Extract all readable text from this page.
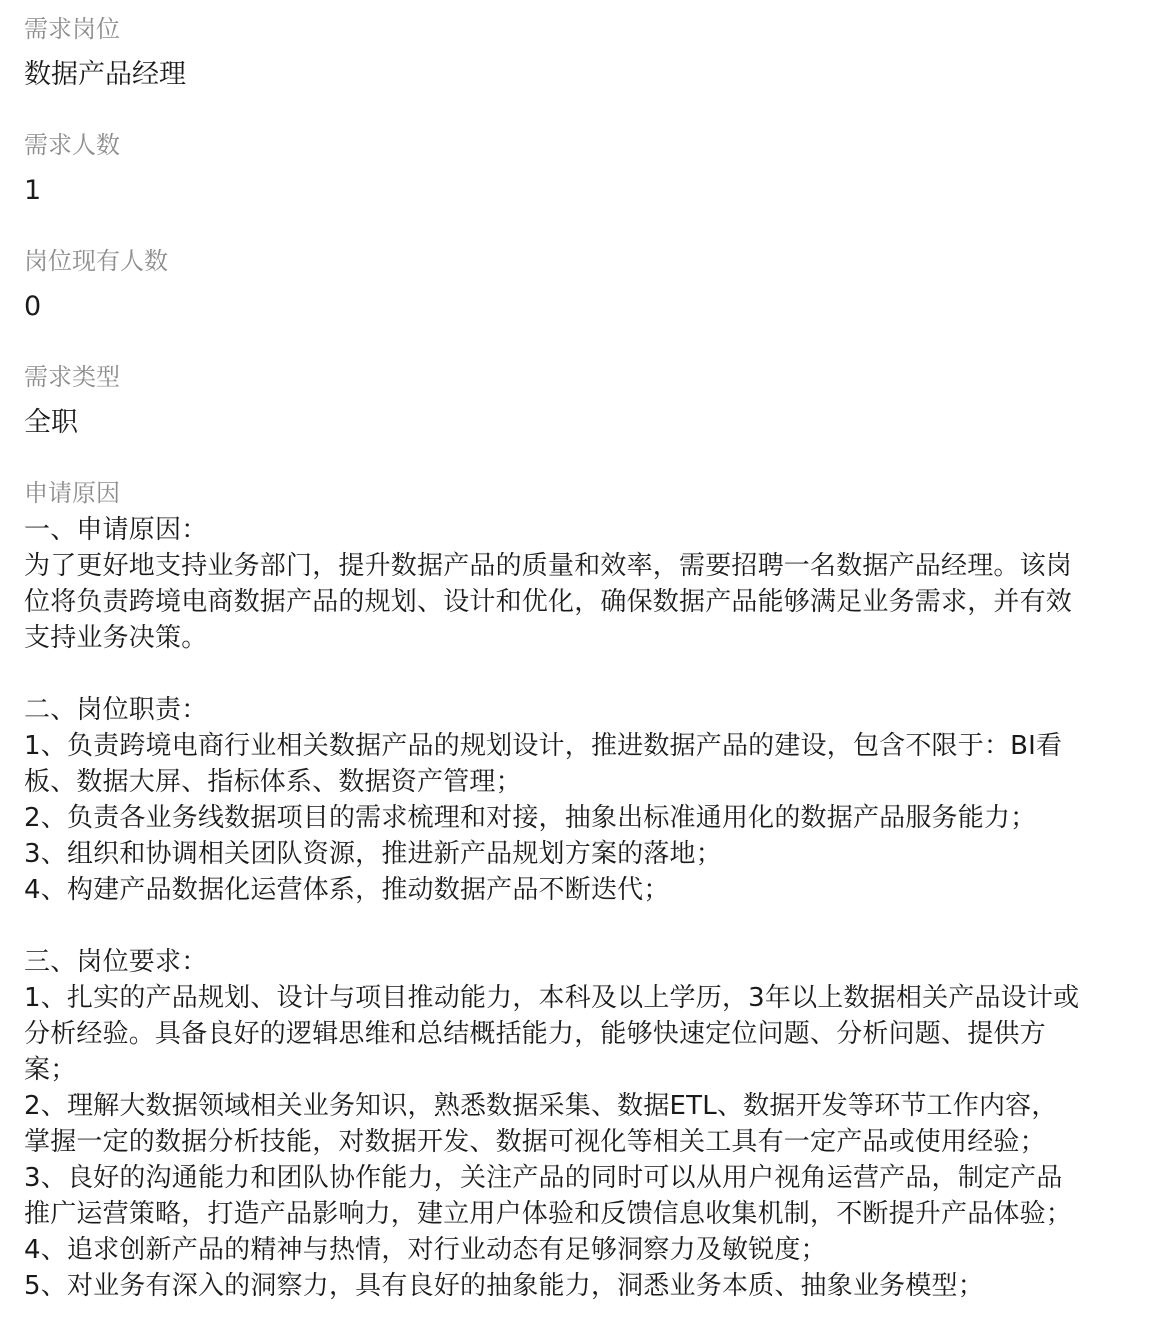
需求岗位
数据产品经理
需求人数
1
岗位现有人数
0
需求类型
全职
申请原因
一、申请原因：
为了更好地支持业务部门，提升数据产品的质量和效率，需要招聘一名数据产品经理。该岗
位将负责跨境电商数据产品的规划、设计和优化，确保数据产品能够满足业务需求，并有效
支持业务决策。
二、岗位职责：
1、负责跨境电商行业相关数据产品的规划设计，推进数据产品的建设，包含不限于：BI看
板、数据大屏、指标体系、数据资产管理；
2、负责各业务线数据项目的需求梳理和对接，抽象出标准通用化的数据产品服务能力；
3、组织和协调相关团队资源，推进新产品规划方案的落地；
4、构建产品数据化运营体系，推动数据产品不断迭代；
三、岗位要求：
1、扎实的产品规划、设计与项目推动能力，本科及以上学历，3年以上数据相关产品设计或
分析经验。具备良好的逻辑思维和总结概括能力，能够快速定位问题、分析问题、提供方
案；
2、理解大数据领域相关业务知识，熟悉数据采集、数据ETL、数据开发等环节工作内容，
掌握一定的数据分析技能，对数据开发、数据可视化等相关工具有一定产品或使用经验；
3、良好的沟通能力和团队协作能力，关注产品的同时可以从用户视角运营产品，制定产品
推广运营策略，打造产品影响力，建立用户体验和反馈信息收集机制，不断提升产品体验；
4、追求创新产品的精神与热情，对行业动态有足够洞察力及敏锐度；
5、对业务有深入的洞察力，具有良好的抽象能力，洞悉业务本质、抽象业务模型；
